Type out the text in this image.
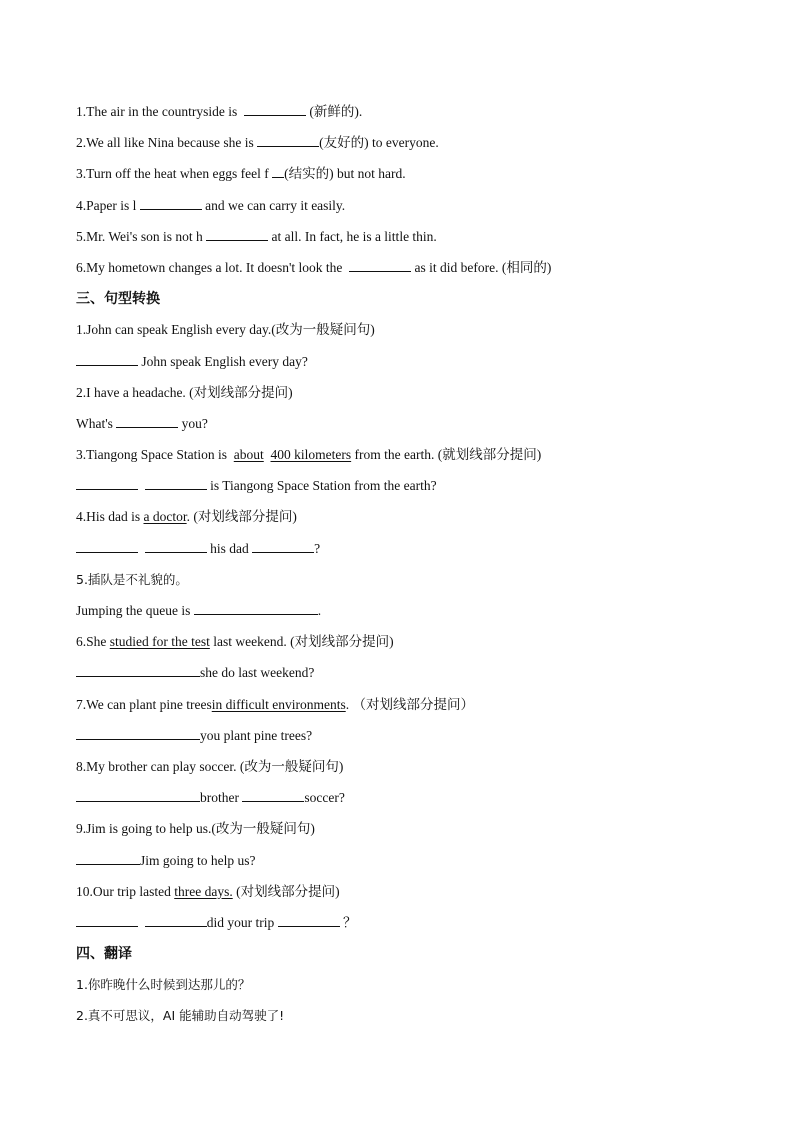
1.The air in the countryside is	(新鲜的).
2.We all like Nina because she is	(友好的) to everyone.
3.Turn off the heat when eggs feel f (结实的) but not hard.
4.Paper is l	and we can carry it easily.
5.Mr. Wei's son is not h	at all. In fact, he is a little thin.
6.My hometown changes a lot. It doesn't look the	as it did before. (相同的)
三、句型转换
1.John can speak English every day.(改为一般疑问句)
John speak English every day?
2.I have a headache. (对划线部分提问)
What's	you?
3.Tiangong Space Station is about 400 kilometers from the earth. (就划线部分提问)
is Tiangong Space Station from the earth?
4.His dad is a doctor. (对划线部分提问)
his dad	?
5.插队是不礼貌的。
Jumping the queue is	.
6.She studied for the test last weekend. (对划线部分提问)
she do last weekend?
7.We can plant pine treesin difficult environments. （对划线部分提问）
you plant pine trees?
8.My brother can play soccer. (改为一般疑问句)
brother	soccer?
9.Jim is going to help us.(改为一般疑问句)
Jim going to help us?
10.Our trip lasted three days. (对划线部分提问)
did your trip	？
四、翻译
1.你昨晚什么时候到达那儿的？
2.真不可思议，AI 能辅助自动驾驶了!
